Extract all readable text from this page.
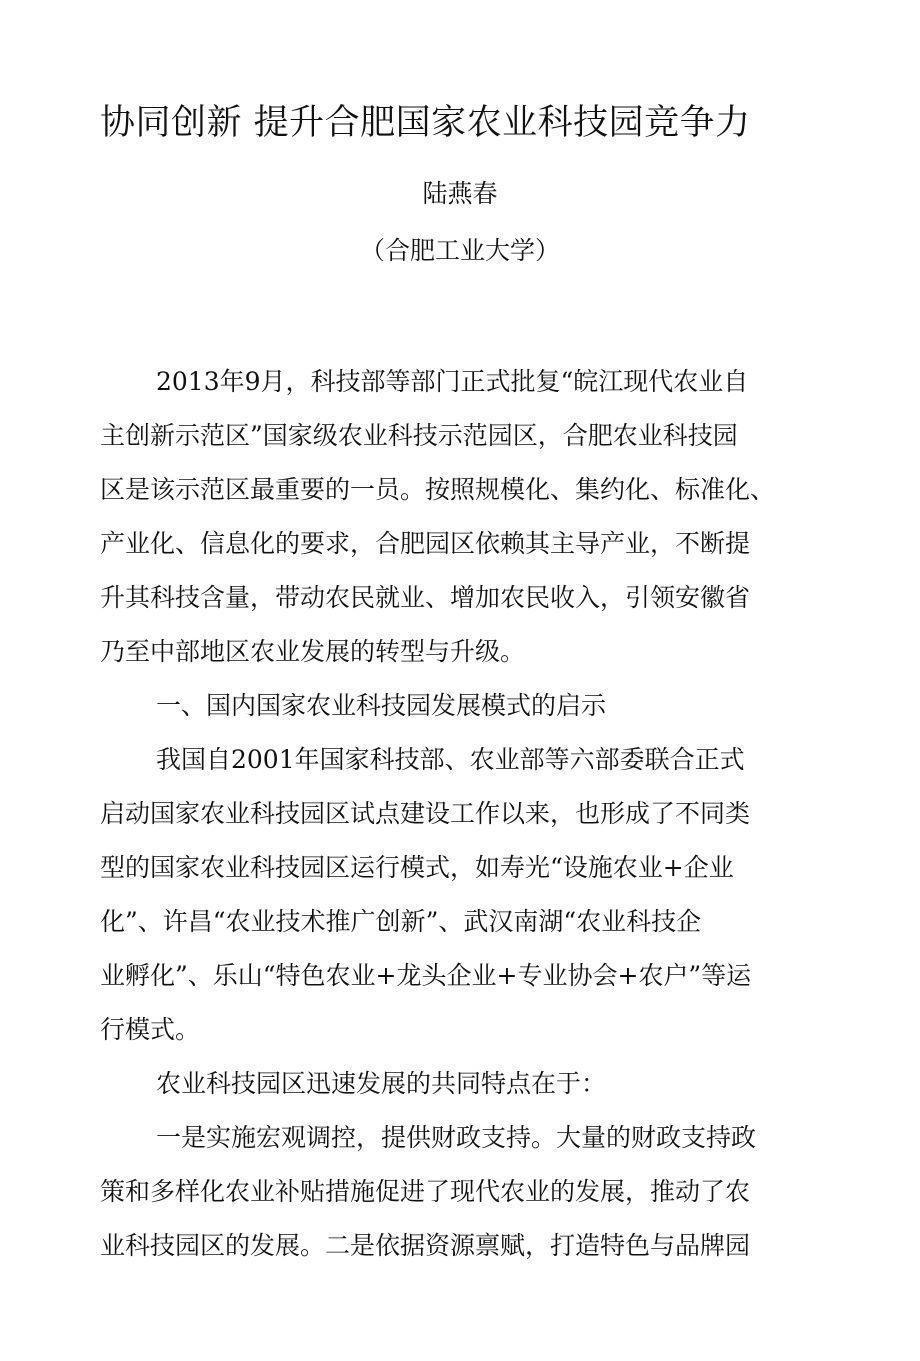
协同创新 提升合肥国家农业科技园竞争力
陆燕春
（合肥工业大学）
2013年9月，科技部等部门正式批复“皖江现代农业自
主创新示范区”国家级农业科技示范园区，合肥农业科技园
区是该示范区最重要的一员。按照规模化、集约化、标准化、
产业化、信息化的要求，合肥园区依赖其主导产业，不断提
升其科技含量，带动农民就业、增加农民收入，引领安徽省
乃至中部地区农业发展的转型与升级。
一、国内国家农业科技园发展模式的启示
我国自2001年国家科技部、农业部等六部委联合正式
启动国家农业科技园区试点建设工作以来，也形成了不同类
型的国家农业科技园区运行模式，如寿光“设施农业+企业
化”、许昌“农业技术推广创新”、武汉南湖“农业科技企
业孵化”、乐山“特色农业+龙头企业+专业协会+农户”等运
行模式。
农业科技园区迅速发展的共同特点在于：
一是实施宏观调控，提供财政支持。大量的财政支持政
策和多样化农业补贴措施促进了现代农业的发展，推动了农
业科技园区的发展。二是依据资源禀赋，打造特色与品牌园
